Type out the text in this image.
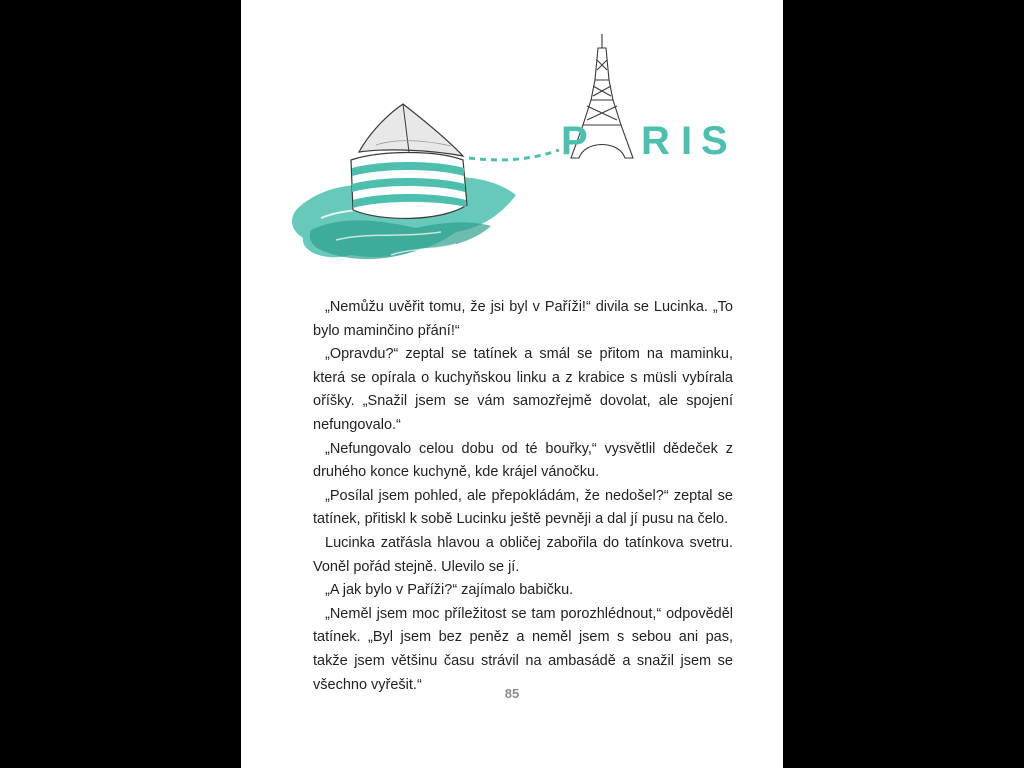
P R I S

„Nemůžu uvěřit tomu, že jsi byl v Paříži!“ divila se Lucinka. „To bylo maminčino přání!“

„Opravdu?“ zeptal se tatínek a smál se přitom na maminku, která se opírala o kuchyňskou linku a z krabice s müsli vybírala oříšky. „Snažil jsem se vám samozřejmě dovolat, ale spojení nefungovalo.“

„Nefungovalo celou dobu od té bouřky,“ vysvětlil dědeček z druhého konce kuchyně, kde krájel vánočku.

„Posílal jsem pohled, ale přepokládám, že nedošel?“ zeptal se tatínek, přitiskl k sobě Lucinku ještě pevněji a dal jí pusu na čelo.

Lucinka zatřásla hlavou a obličej zabořila do tatínkova svetru. Voněl pořád stejně. Ulevilo se jí.

„A jak bylo v Paříži?“ zajímalo babičku.

„Neměl jsem moc příležitost se tam porozhlédnout,“ odpověděl tatínek. „Byl jsem bez peněz a neměl jsem s sebou ani pas, takže jsem většinu času strávil na ambasádě a snažil jsem se všechno vyřešit.“

85
